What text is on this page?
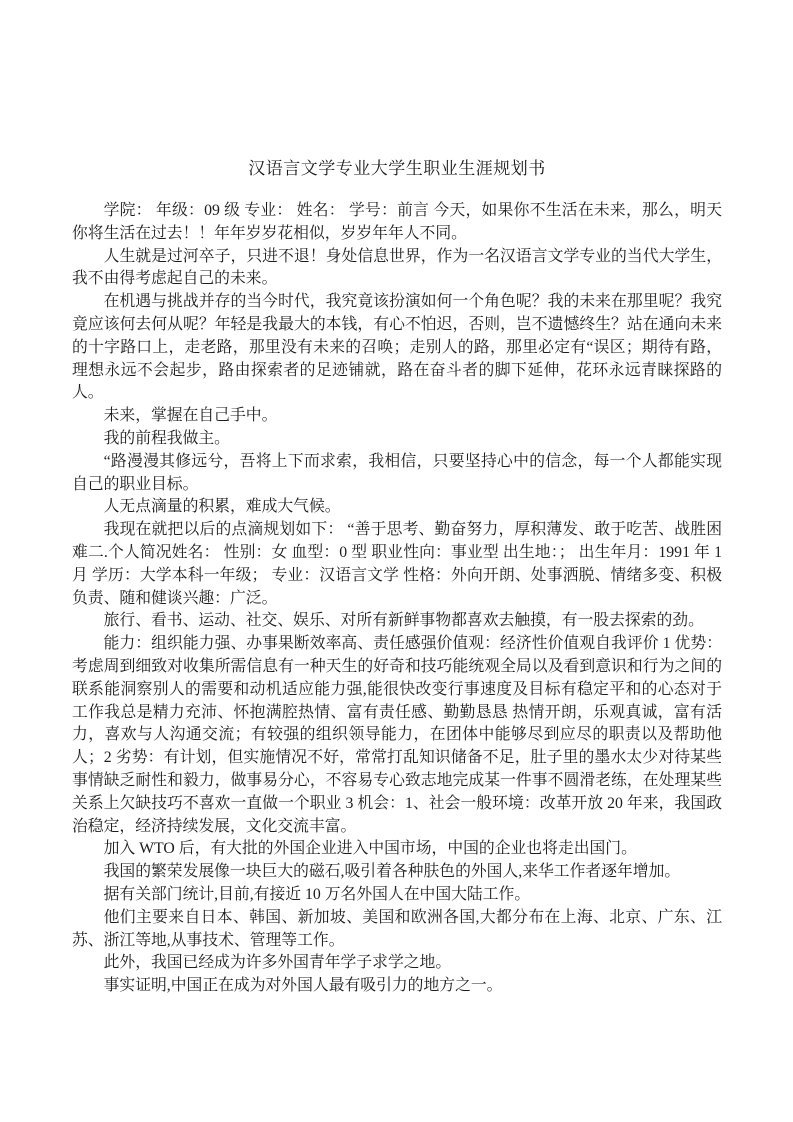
汉语言文学专业大学生职业生涯规划书

学院： 年级：09 级 专业： 姓名： 学号：前言 今天，如果你不生活在未来，那么，明天你将生活在过去！！年年岁岁花相似，岁岁年年人不同。

人生就是过河卒子，只进不退！身处信息世界，作为一名汉语言文学专业的当代大学生，我不由得考虑起自己的未来。

在机遇与挑战并存的当今时代，我究竟该扮演如何一个角色呢？我的未来在那里呢？我究竟应该何去何从呢？年轻是我最大的本钱，有心不怕迟，否则，岂不遗憾终生？站在通向未来的十字路口上，走老路，那里没有未来的召唤；走别人的路，那里必定有“误区；期待有路，理想永远不会起步，路由探索者的足迹铺就，路在奋斗者的脚下延伸，花环永远青睐探路的人。

未来，掌握在自己手中。

我的前程我做主。

“路漫漫其修远兮，吾将上下而求索，我相信，只要坚持心中的信念，每一个人都能实现自己的职业目标。

人无点滴量的积累，难成大气候。

我现在就把以后的点滴规划如下： “善于思考、勤奋努力，厚积薄发、敢于吃苦、战胜困难二.个人简况姓名： 性别：女 血型：0 型 职业性向：事业型 出生地：； 出生年月：1991 年 1 月 学历：大学本科一年级； 专业：汉语言文学 性格：外向开朗、处事洒脱、情绪多变、积极负责、随和健谈兴趣：广泛。

旅行、看书、运动、社交、娱乐、对所有新鲜事物都喜欢去触摸，有一股去探索的劲。

能力：组织能力强、办事果断效率高、责任感强价值观：经济性价值观自我评价 1 优势：考虑周到细致对收集所需信息有一种天生的好奇和技巧能统观全局以及看到意识和行为之间的联系能洞察别人的需要和动机适应能力强,能很快改变行事速度及目标有稳定平和的心态对于工作我总是精力充沛、怀抱满腔热情、富有责任感、勤勤恳恳 热情开朗，乐观真诚，富有活力，喜欢与人沟通交流；有较强的组织领导能力，在团体中能够尽到应尽的职责以及帮助他人；2 劣势：有计划，但实施情况不好，常常打乱知识储备不足，肚子里的墨水太少对待某些事情缺乏耐性和毅力，做事易分心，不容易专心致志地完成某一件事不圆滑老练，在处理某些关系上欠缺技巧不喜欢一直做一个职业 3 机会：1、社会一般环境：改革开放 20 年来，我国政治稳定，经济持续发展，文化交流丰富。

加入 WTO 后，有大批的外国企业进入中国市场，中国的企业也将走出国门。

我国的繁荣发展像一块巨大的磁石,吸引着各种肤色的外国人,来华工作者逐年增加。

据有关部门统计,目前,有接近 10 万名外国人在中国大陆工作。

他们主要来自日本、韩国、新加坡、美国和欧洲各国,大都分布在上海、北京、广东、江苏、浙江等地,从事技术、管理等工作。

此外，我国已经成为许多外国青年学子求学之地。

事实证明,中国正在成为对外国人最有吸引力的地方之一。
